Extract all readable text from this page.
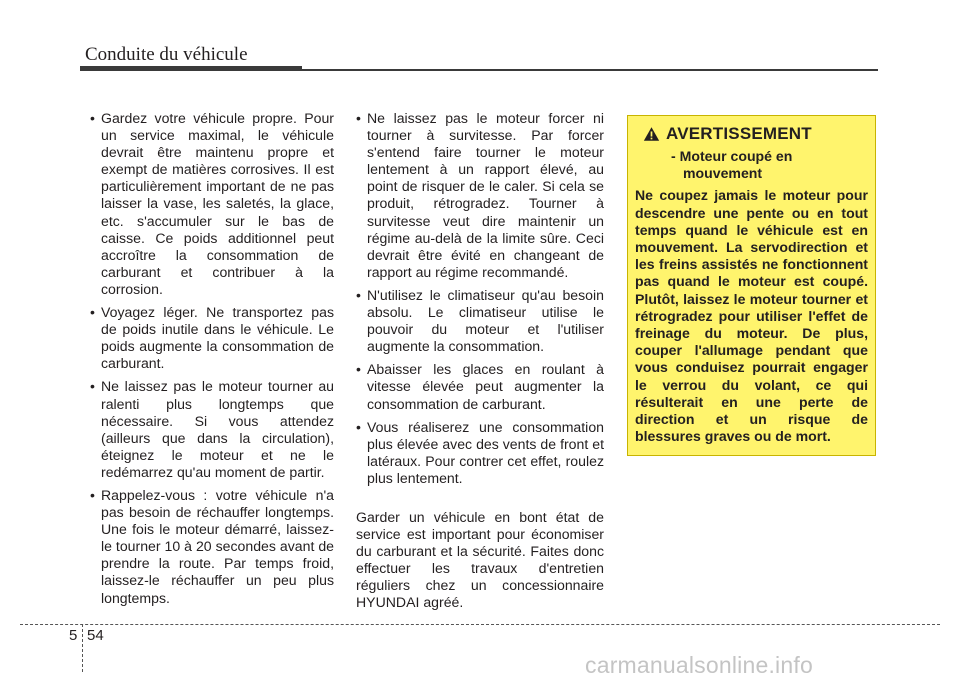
Conduite du véhicule
• Gardez votre véhicule propre. Pour un service maximal, le véhicule devrait être maintenu propre et exempt de matières corrosives. Il est particulièrement important de ne pas laisser la vase, les saletés, la glace, etc. s'accumuler sur le bas de caisse. Ce poids additionnel peut accroître la consommation de carburant et contribuer à la corrosion.
• Voyagez léger. Ne transportez pas de poids inutile dans le véhicule. Le poids augmente la consommation de carburant.
• Ne laissez pas le moteur tourner au ralenti plus longtemps que nécessaire. Si vous attendez (ailleurs que dans la circulation), éteignez le moteur et ne le redémarrez qu'au moment de partir.
• Rappelez-vous : votre véhicule n'a pas besoin de réchauffer longtemps. Une fois le moteur démarré, laissez-le tourner 10 à 20 secondes avant de prendre la route. Par temps froid, laissez-le réchauffer un peu plus longtemps.
• Ne laissez pas le moteur forcer ni tourner à survitesse. Par forcer s'entend faire tourner le moteur lentement à un rapport élevé, au point de risquer de le caler. Si cela se produit, rétrogradez. Tourner à survitesse veut dire maintenir un régime au-delà de la limite sûre. Ceci devrait être évité en changeant de rapport au régime recommandé.
• N'utilisez le climatiseur qu'au besoin absolu. Le climatiseur utilise le pouvoir du moteur et l'utiliser augmente la consommation.
• Abaisser les glaces en roulant à vitesse élevée peut augmenter la consommation de carburant.
• Vous réaliserez une consommation plus élevée avec des vents de front et latéraux. Pour contrer cet effet, roulez plus lentement.

Garder un véhicule en bont état de service est important pour économiser du carburant et la sécurité. Faites donc effectuer les travaux d'entretien réguliers chez un concessionnaire HYUNDAI agréé.

AVERTISSEMENT
- Moteur coupé en mouvement
Ne coupez jamais le moteur pour descendre une pente ou en tout temps quand le véhicule est en mouvement. La servodirection et les freins assistés ne fonctionnent pas quand le moteur est coupé. Plutôt, laissez le moteur tourner et rétrogradez pour utiliser l'effet de freinage du moteur. De plus, couper l'allumage pendant que vous conduisez pourrait engager le verrou du volant, ce qui résulterait en une perte de direction et un risque de blessures graves ou de mort.
5 54
carmanualsonline.info
